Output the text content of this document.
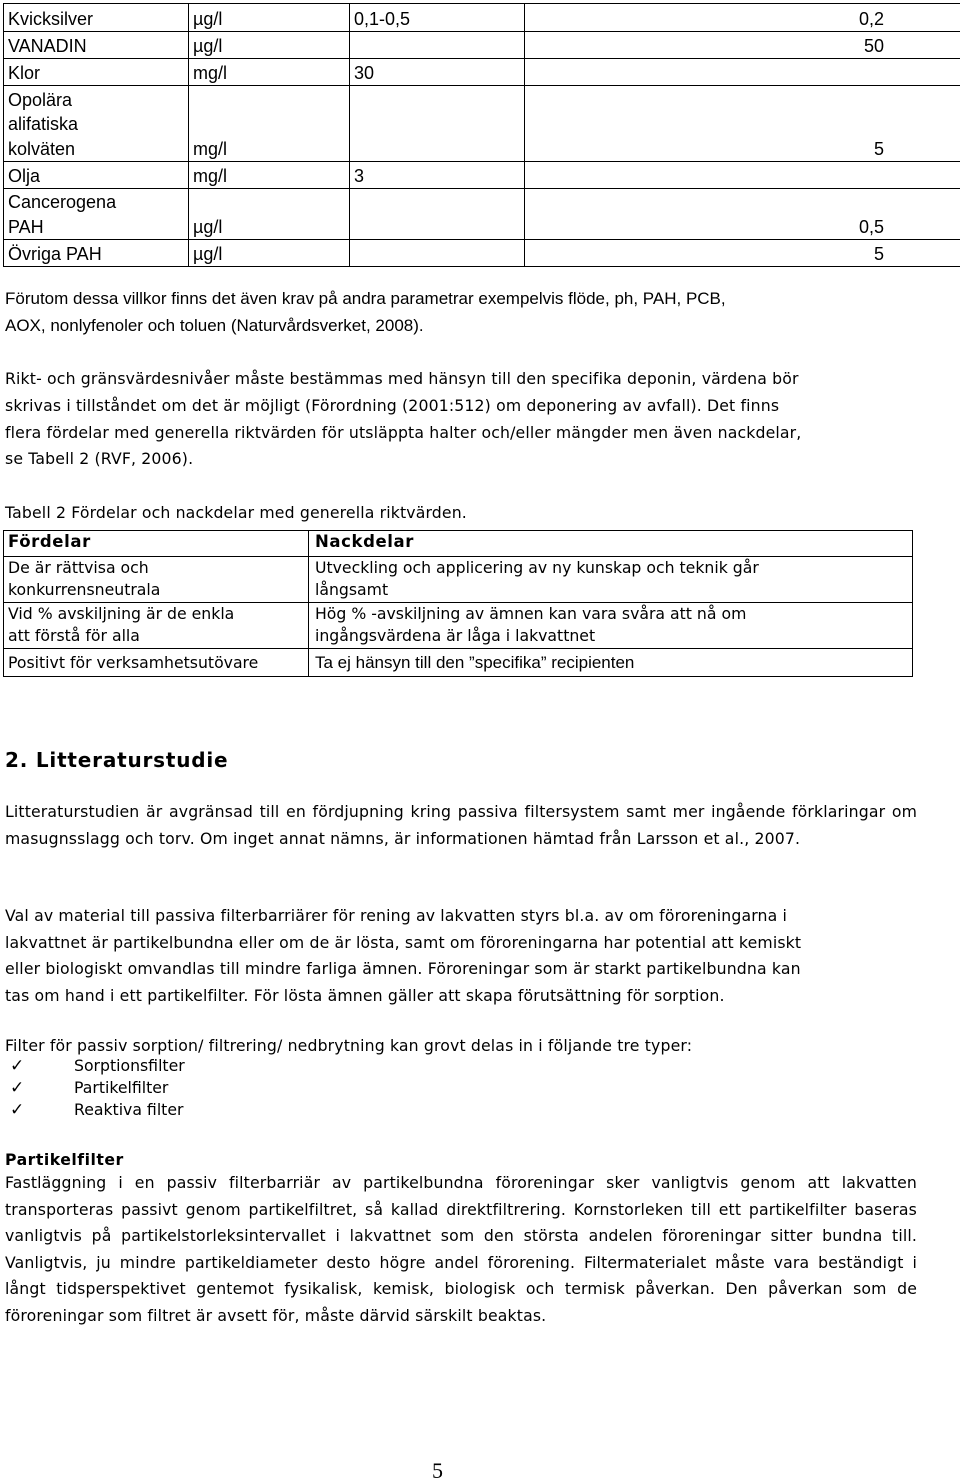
Kvicksilver	µg/l	0,1-0,5	0,2
VANADIN	µg/l		50
Klor	mg/l	30	
Opolära
alifatiska
kolväten	mg/l		5
Olja	mg/l	3	
Cancerogena
PAH	µg/l		0,5
Övriga PAH	µg/l		5
Förutom dessa villkor finns det även krav på andra parametrar exempelvis flöde, ph, PAH, PCB,
AOX, nonlyfenoler och toluen (Naturvårdsverket, 2008).
Rikt- och gränsvärdesnivåer måste bestämmas med hänsyn till den specifika deponin, värdena bör
skrivas i tillståndet om det är möjligt (Förordning (2001:512) om deponering av avfall). Det finns
flera fördelar med generella riktvärden för utsläppta halter och/eller mängder men även nackdelar,
se Tabell 2 (RVF, 2006).
Tabell 2 Fördelar och nackdelar med generella riktvärden.
Fördelar	Nackdelar
De är rättvisa och
konkurrensneutrala	Utveckling och applicering av ny kunskap och teknik går
långsamt
Vid % avskiljning är de enkla
att förstå för alla	Hög % -avskiljning av ämnen kan vara svåra att nå om
ingångsvärdena är låga i lakvattnet
Positivt för verksamhetsutövare	Ta ej hänsyn till den ”specifika” recipienten
2. Litteraturstudie
Litteraturstudien är avgränsad till en fördjupning kring passiva filtersystem samt mer ingående förklaringar om masugnsslagg och torv. Om inget annat nämns, är informationen hämtad från Larsson et al., 2007.
Val av material till passiva filterbarriärer för rening av lakvatten styrs bl.a. av om föroreningarna i
lakvattnet är partikelbundna eller om de är lösta, samt om föroreningarna har potential att kemiskt
eller biologiskt omvandlas till mindre farliga ämnen. Föroreningar som är starkt partikelbundna kan
tas om hand i ett partikelfilter. För lösta ämnen gäller att skapa förutsättning för sorption.
Filter för passiv sorption/ filtrering/ nedbrytning kan grovt delas in i följande tre typer:
✓	Sorptionsfilter
✓	Partikelfilter
✓	Reaktiva filter
Partikelfilter
Fastläggning i en passiv filterbarriär av partikelbundna föroreningar sker vanligtvis genom att lakvatten transporteras passivt genom partikelfiltret, så kallad direktfiltrering. Kornstorleken till ett partikelfilter baseras vanligtvis på partikelstorleksintervallet i lakvattnet som den största andelen föroreningar sitter bundna till. Vanligtvis, ju mindre partikeldiameter desto högre andel förorening. Filtermaterialet måste vara beständigt i långt tidsperspektivet gentemot fysikalisk, kemisk, biologisk och termisk påverkan. Den påverkan som de föroreningar som filtret är avsett för, måste därvid särskilt beaktas.
5
